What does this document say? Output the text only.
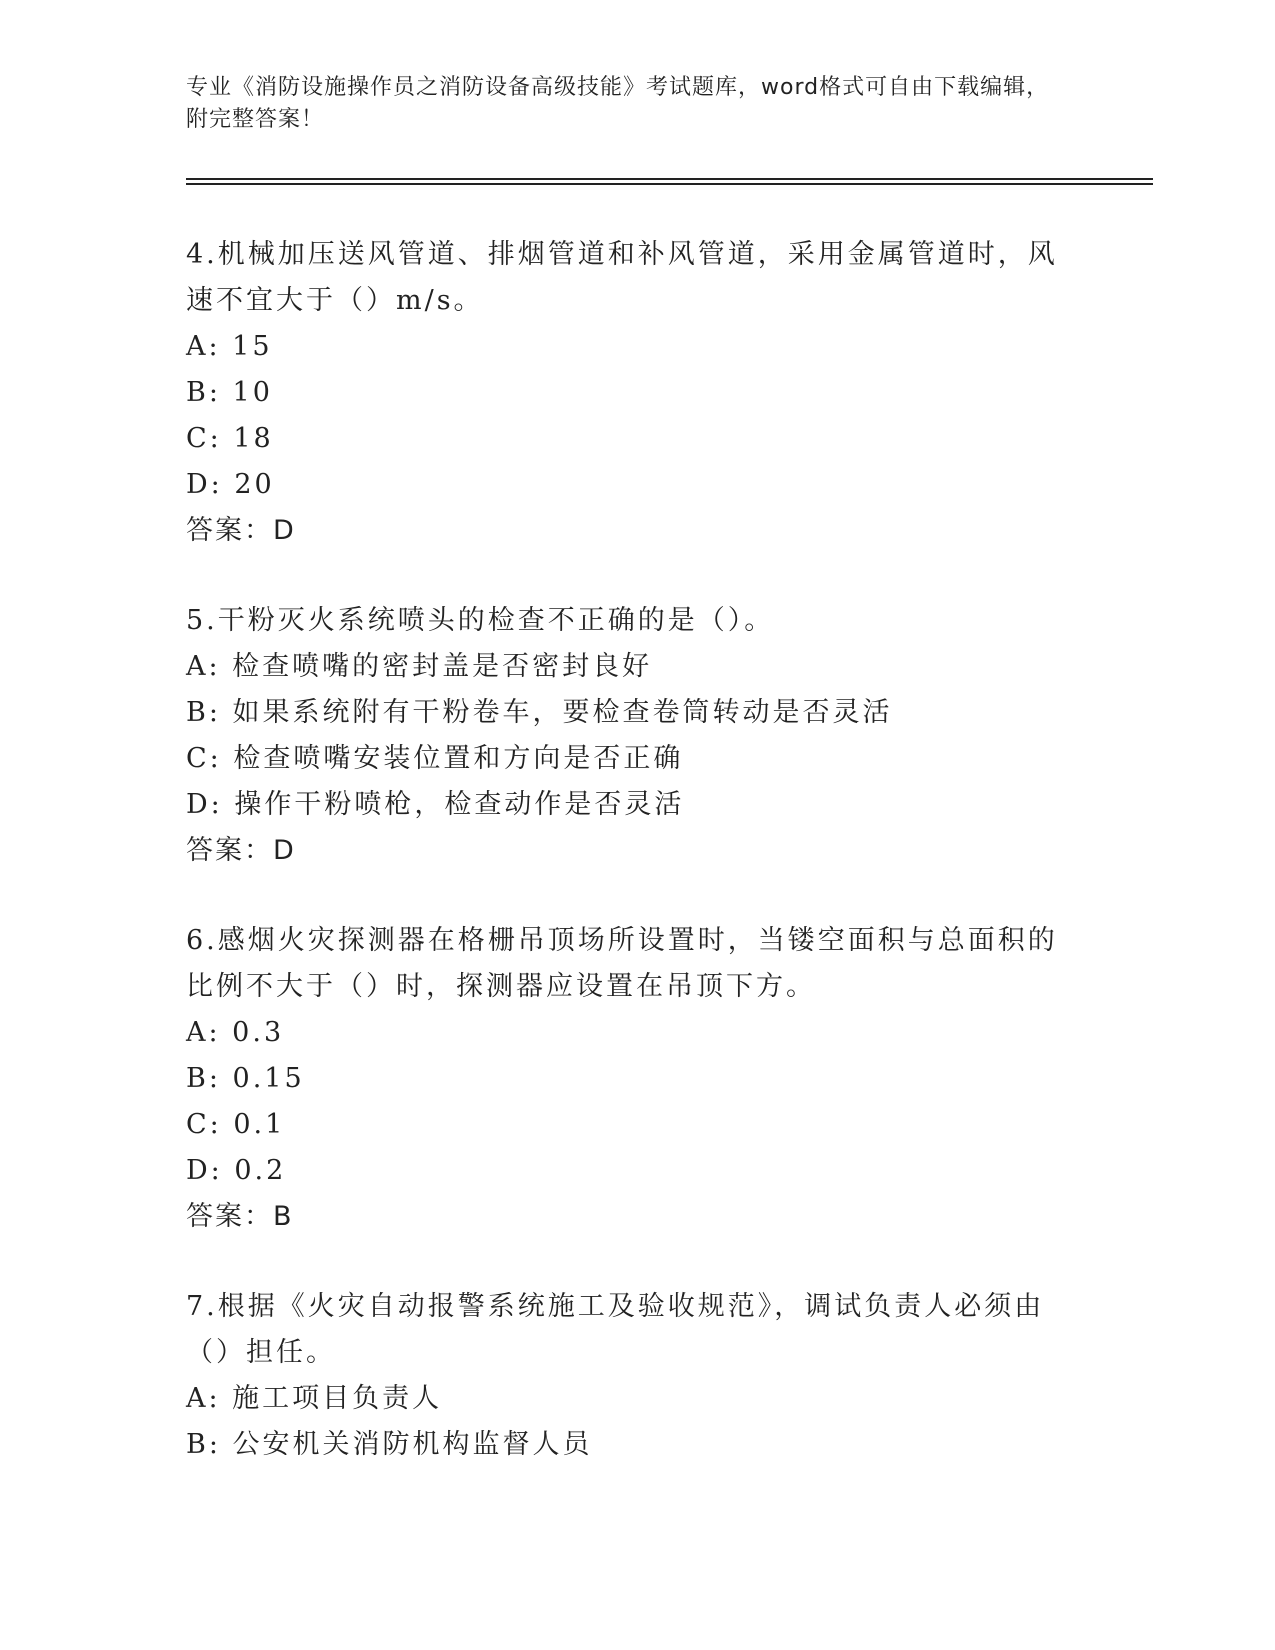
专业《消防设施操作员之消防设备高级技能》考试题库，word格式可自由下载编辑，附完整答案！
4.机械加压送风管道、排烟管道和补风管道，采用金属管道时，风速不宜大于（）m/s。
A: 15
B: 10
C: 18
D: 20
答案：D
5.干粉灭火系统喷头的检查不正确的是（）。
A: 检查喷嘴的密封盖是否密封良好
B: 如果系统附有干粉卷车，要检查卷筒转动是否灵活
C: 检查喷嘴安装位置和方向是否正确
D: 操作干粉喷枪，检查动作是否灵活
答案：D
6.感烟火灾探测器在格栅吊顶场所设置时，当镂空面积与总面积的比例不大于（）时，探测器应设置在吊顶下方。
A: 0.3
B: 0.15
C: 0.1
D: 0.2
答案：B
7.根据《火灾自动报警系统施工及验收规范》，调试负责人必须由（）担任。
A: 施工项目负责人
B: 公安机关消防机构监督人员
